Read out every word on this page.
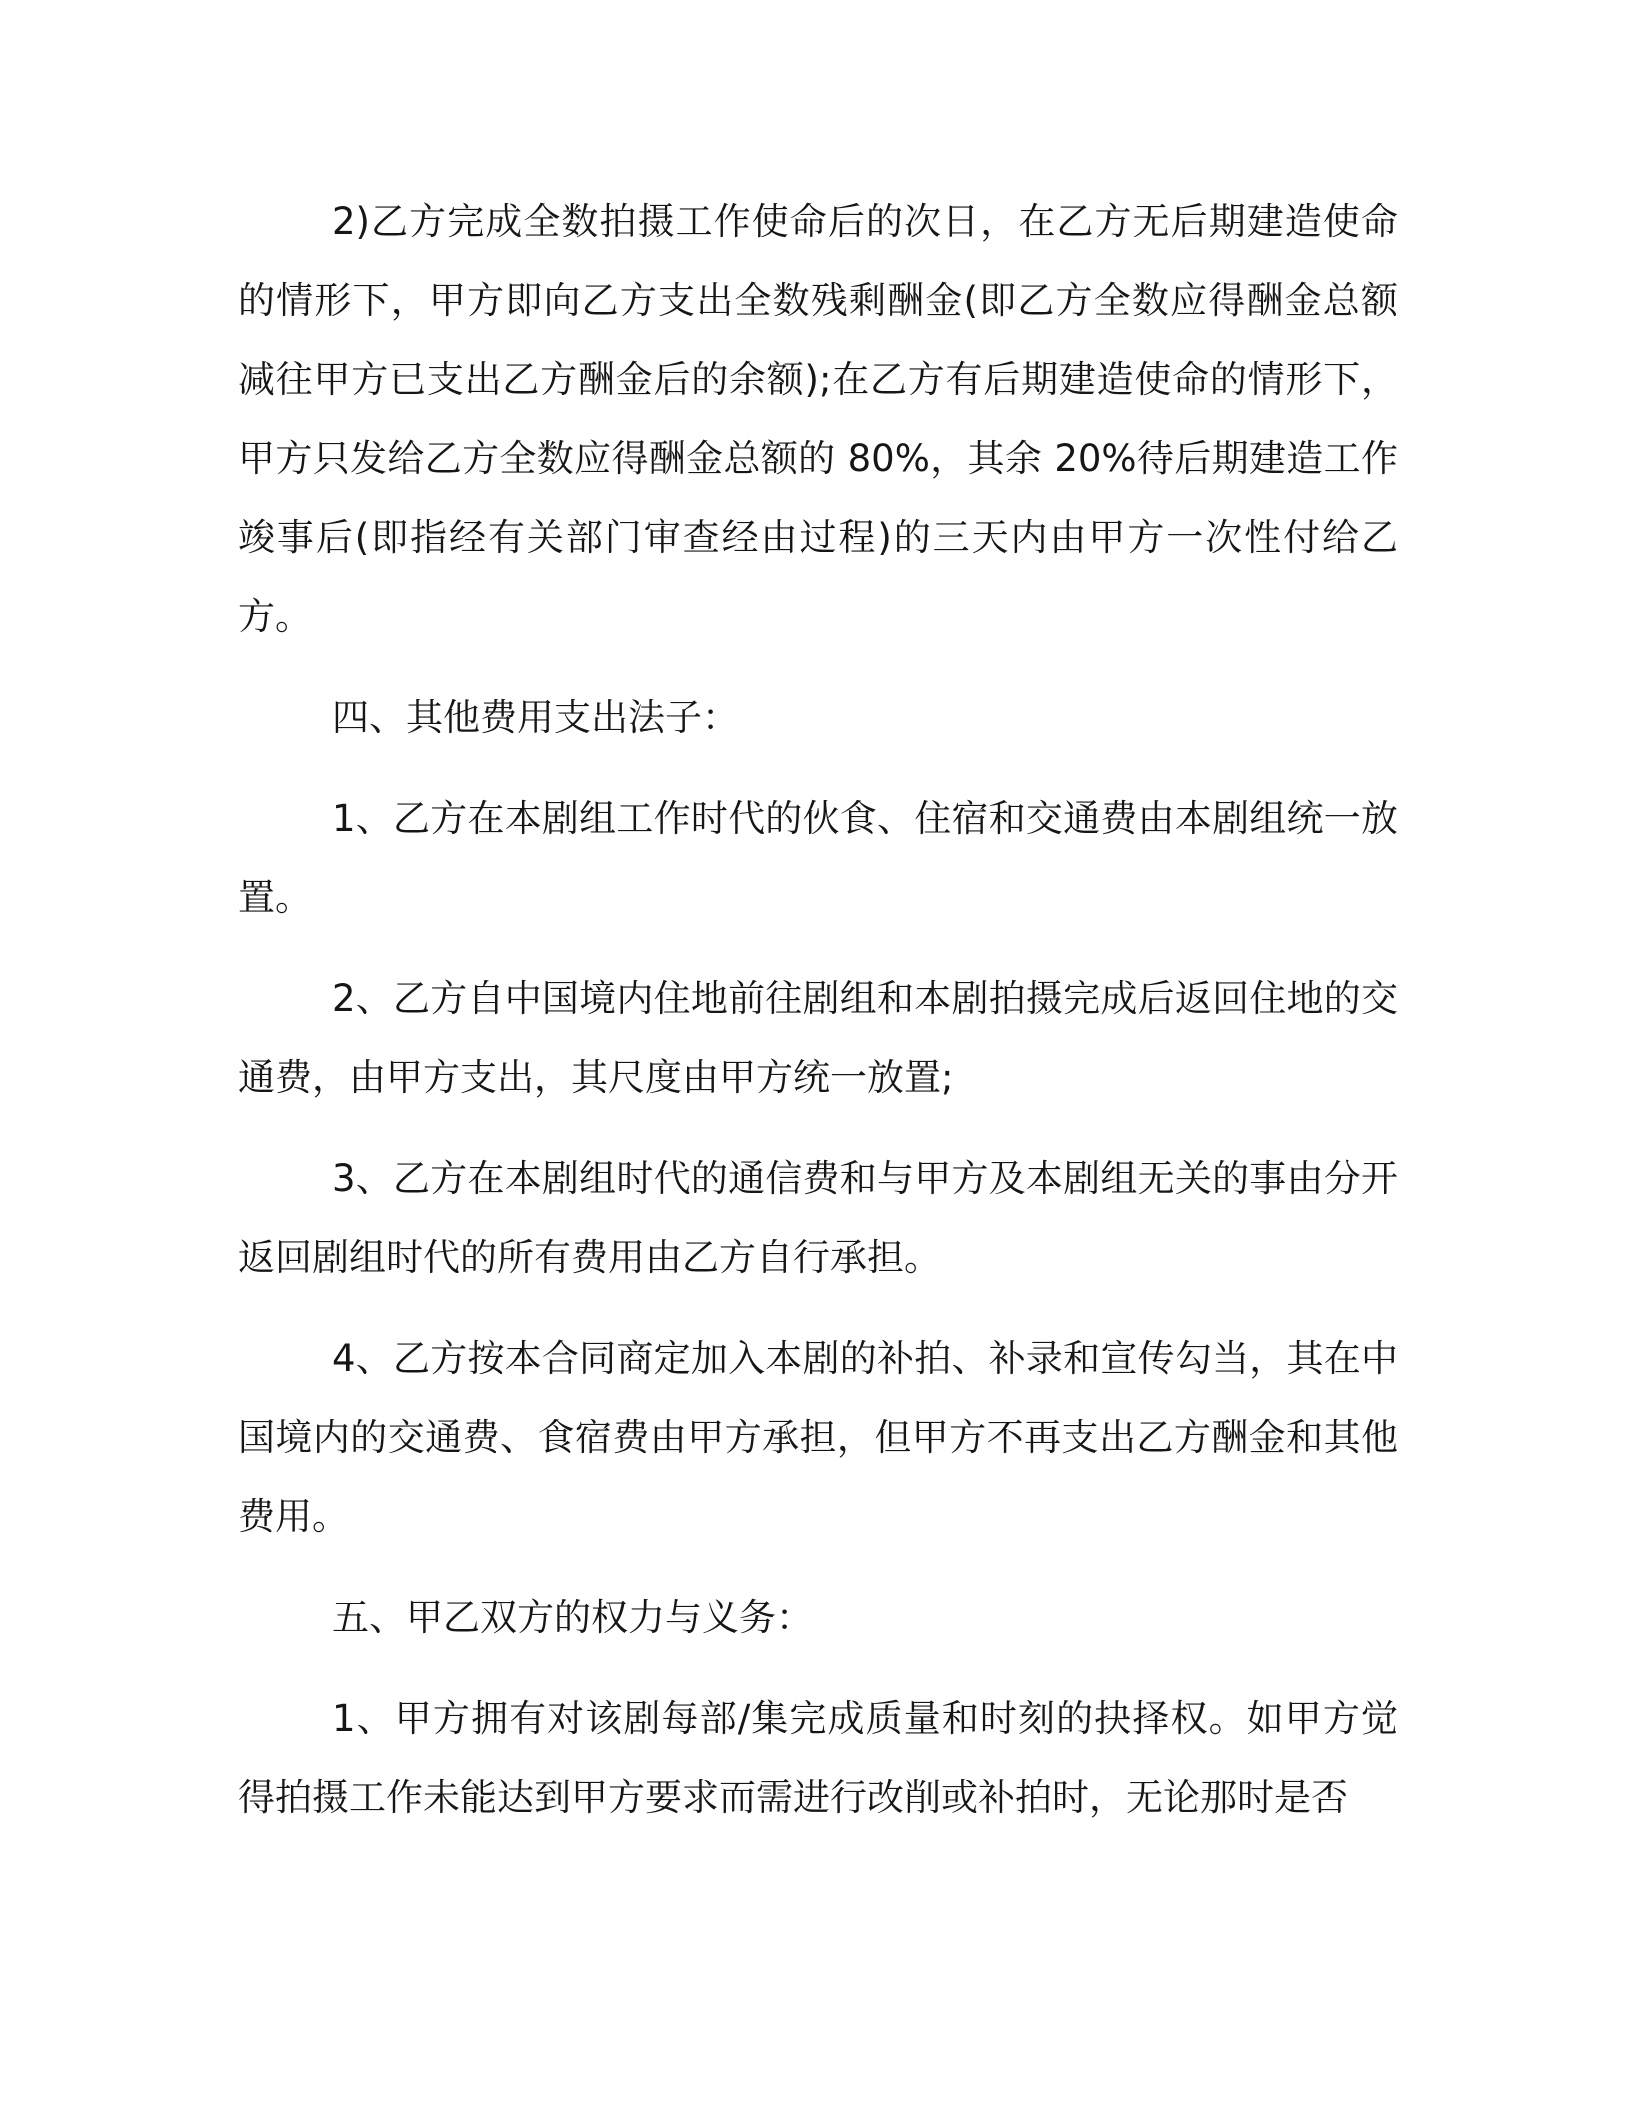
2)乙方完成全数拍摄工作使命后的次日，在乙方无后期建造使命的情形下，甲方即向乙方支出全数残剩酬金(即乙方全数应得酬金总额减往甲方已支出乙方酬金后的余额);在乙方有后期建造使命的情形下，甲方只发给乙方全数应得酬金总额的 80%，其余 20%待后期建造工作竣事后(即指经有关部门审查经由过程)的三天内由甲方一次性付给乙方。

四、其他费用支出法子：

1、乙方在本剧组工作时代的伙食、住宿和交通费由本剧组统一放置。

2、乙方自中国境内住地前往剧组和本剧拍摄完成后返回住地的交通费，由甲方支出，其尺度由甲方统一放置;

3、乙方在本剧组时代的通信费和与甲方及本剧组无关的事由分开返回剧组时代的所有费用由乙方自行承担。

4、乙方按本合同商定加入本剧的补拍、补录和宣传勾当，其在中国境内的交通费、食宿费由甲方承担，但甲方不再支出乙方酬金和其他费用。

五、甲乙双方的权力与义务：

1、甲方拥有对该剧每部/集完成质量和时刻的抉择权。如甲方觉得拍摄工作未能达到甲方要求而需进行改削或补拍时，无论那时是否
